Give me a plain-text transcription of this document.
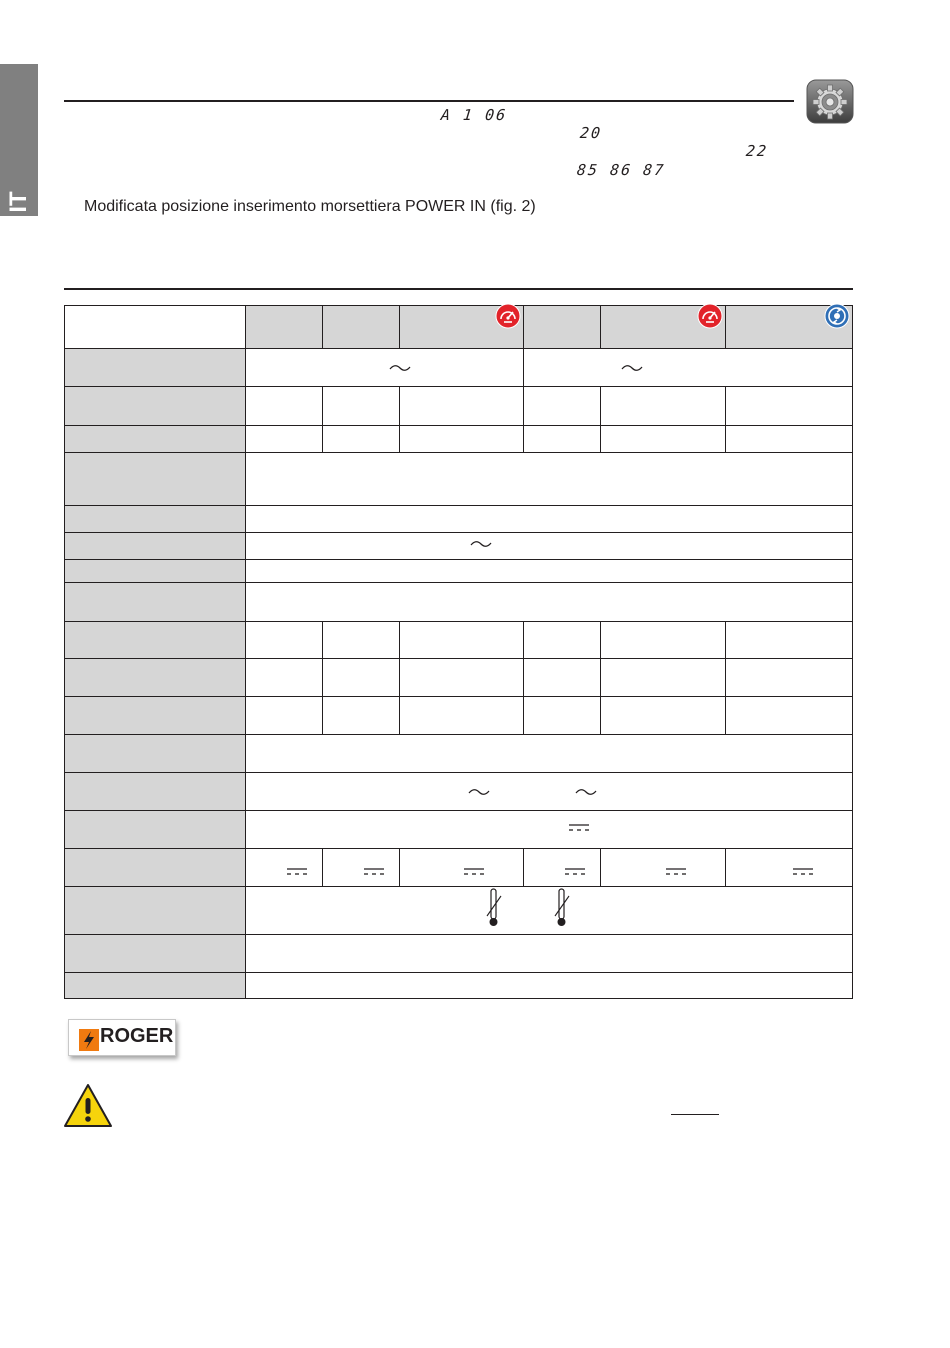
IT
A 1 06
20
22
85 86 87
Modificata posizione inserimento morsettiera POWER IN (fig. 2)

ROGER
